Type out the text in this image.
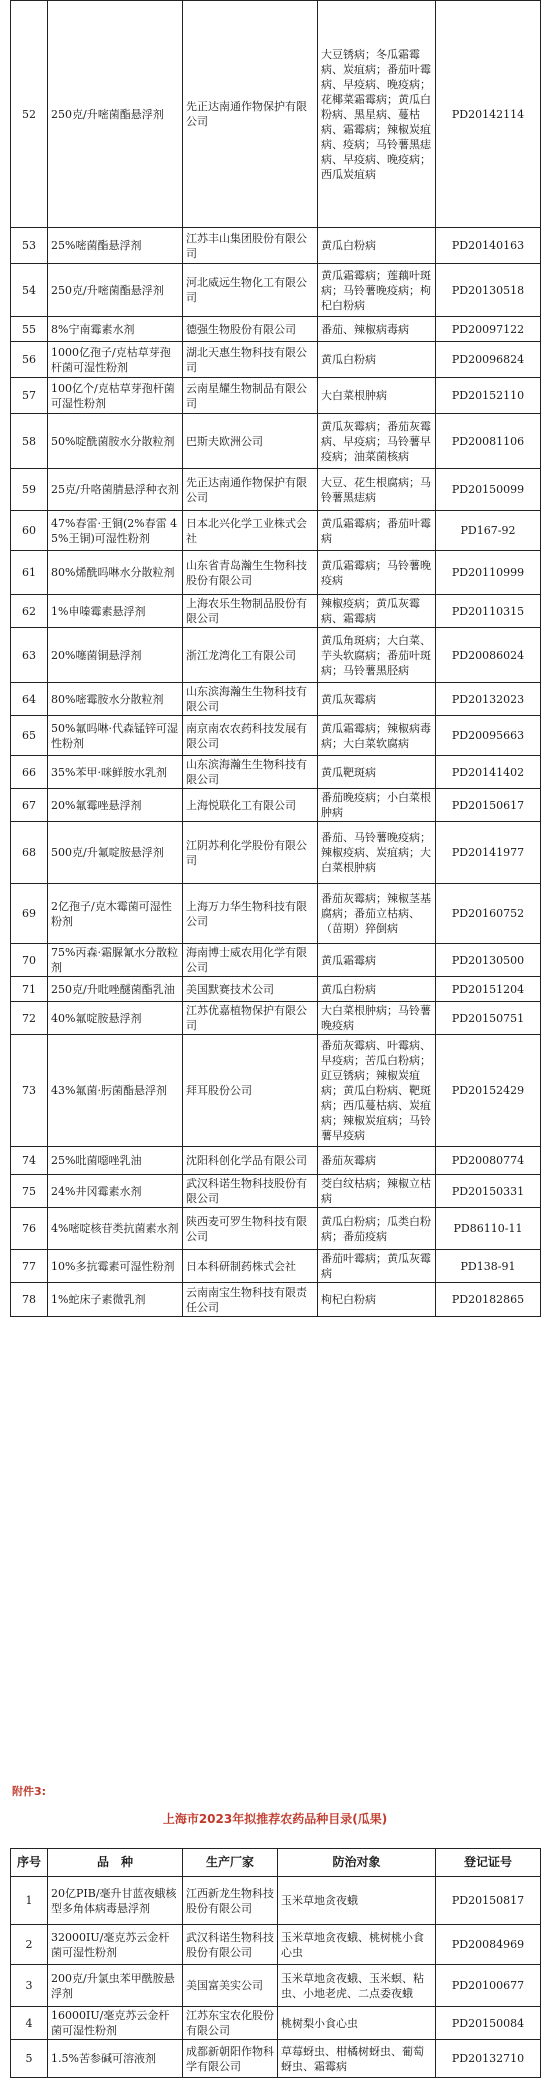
52	250克/升嘧菌酯悬浮剂	先正达南通作物保护有限公司	大豆锈病；冬瓜霜霉病、炭疽病；番茄叶霉病、早疫病、晚疫病；花椰菜霜霉病；黄瓜白粉病、黑星病、蔓枯病、霜霉病；辣椒炭疽病、疫病；马铃薯黑痣病、早疫病、晚疫病；西瓜炭疽病	PD20142114
53	25%嘧菌酯悬浮剂	江苏丰山集团股份有限公司	黄瓜白粉病	PD20140163
54	250克/升嘧菌酯悬浮剂	河北威远生物化工有限公司	黄瓜霜霉病；莲藕叶斑病；马铃薯晚疫病；枸杞白粉病	PD20130518
55	8%宁南霉素水剂	德强生物股份有限公司	番茄、辣椒病毒病	PD20097122
56	1000亿孢子/克枯草芽孢杆菌可湿性粉剂	湖北天惠生物科技有限公司	黄瓜白粉病	PD20096824
57	100亿个/克枯草芽孢杆菌可湿性粉剂	云南星耀生物制品有限公司	大白菜根肿病	PD20152110
58	50%啶酰菌胺水分散粒剂	巴斯夫欧洲公司	黄瓜灰霉病；番茄灰霉病、早疫病；马铃薯早疫病；油菜菌核病	PD20081106
59	25克/升咯菌腈悬浮种衣剂	先正达南通作物保护有限公司	大豆、花生根腐病；马铃薯黑痣病	PD20150099
60	47%春雷·王铜(2%春雷 45%王铜)可湿性粉剂	日本北兴化学工业株式会社	黄瓜霜霉病；番茄叶霉病	PD167-92
61	80%烯酰吗啉水分散粒剂	山东省青岛瀚生生物科技股份有限公司	黄瓜霜霉病；马铃薯晚疫病	PD20110999
62	1%申嗪霉素悬浮剂	上海农乐生物制品股份有限公司	辣椒疫病；黄瓜灰霉病、霜霉病	PD20110315
63	20%噻菌铜悬浮剂	浙江龙湾化工有限公司	黄瓜角斑病；大白菜、芋头软腐病；番茄叶斑病；马铃薯黑胫病	PD20086024
64	80%嘧霉胺水分散粒剂	山东滨海瀚生生物科技有限公司	黄瓜灰霉病	PD20132023
65	50%氟吗啉·代森锰锌可湿性粉剂	南京南农农药科技发展有限公司	黄瓜霜霉病；辣椒病毒病；大白菜软腐病	PD20095663
66	35%苯甲·咪鲜胺水乳剂	山东滨海瀚生生物科技有限公司	黄瓜靶斑病	PD20141402
67	20%氟霉唑悬浮剂	上海悦联化工有限公司	番茄晚疫病；小白菜根肿病	PD20150617
68	500克/升氟啶胺悬浮剂	江阴苏利化学股份有限公司	番茄、马铃薯晚疫病；辣椒疫病、炭疽病；大白菜根肿病	PD20141977
69	2亿孢子/克木霉菌可湿性粉剂	上海万力华生物科技有限公司	番茄灰霉病；辣椒茎基腐病；番茄立枯病、（苗期）猝倒病	PD20160752
70	75%丙森·霜脲氰水分散粒剂	海南博士威农用化学有限公司	黄瓜霜霉病	PD20130500
71	250克/升吡唑醚菌酯乳油	美国默赛技术公司	黄瓜白粉病	PD20151204
72	40%氟啶胺悬浮剂	江苏优嘉植物保护有限公司	大白菜根肿病；马铃薯晚疫病	PD20150751
73	43%氟菌·肟菌酯悬浮剂	拜耳股份公司	番茄灰霉病、叶霉病、早疫病；苦瓜白粉病；豇豆锈病；辣椒炭疽病；黄瓜白粉病、靶斑病；西瓜蔓枯病、炭疽病；辣椒炭疽病；马铃薯早疫病	PD20152429
74	25%吡菌噁唑乳油	沈阳科创化学品有限公司	番茄灰霉病	PD20080774
75	24%井冈霉素水剂	武汉科诺生物科技股份有限公司	茭白纹枯病；辣椒立枯病	PD20150331
76	4%嘧啶核苷类抗菌素水剂	陕西麦可罗生物科技有限公司	黄瓜白粉病；瓜类白粉病；番茄疫病	PD86110-11
77	10%多抗霉素可湿性粉剂	日本科研制药株式会社	番茄叶霉病；黄瓜灰霉病	PD138-91
78	1%蛇床子素微乳剂	云南南宝生物科技有限责任公司	枸杞白粉病	PD20182865
附件3:
上海市2023年拟推荐农药品种目录(瓜果)
序号	品　种	生产厂家	防治对象	登记证号
1	20亿PIB/毫升甘蓝夜蛾核型多角体病毒悬浮剂	江西新龙生物科技股份有限公司	玉米草地贪夜蛾	PD20150817
2	32000IU/毫克苏云金杆菌可湿性粉剂	武汉科诺生物科技股份有限公司	玉米草地贪夜蛾、桃树桃小食心虫	PD20084969
3	200克/升氯虫苯甲酰胺悬浮剂	美国富美实公司	玉米草地贪夜蛾、玉米螟、粘虫、小地老虎、二点委夜蛾	PD20100677
4	16000IU/毫克苏云金杆菌可湿性粉剂	江苏东宝农化股份有限公司	桃树梨小食心虫	PD20150084
5	1.5%苦参碱可溶液剂	成都新朝阳作物科学有限公司	草莓蚜虫、柑橘树蚜虫、葡萄蚜虫、霜霉病	PD20132710
